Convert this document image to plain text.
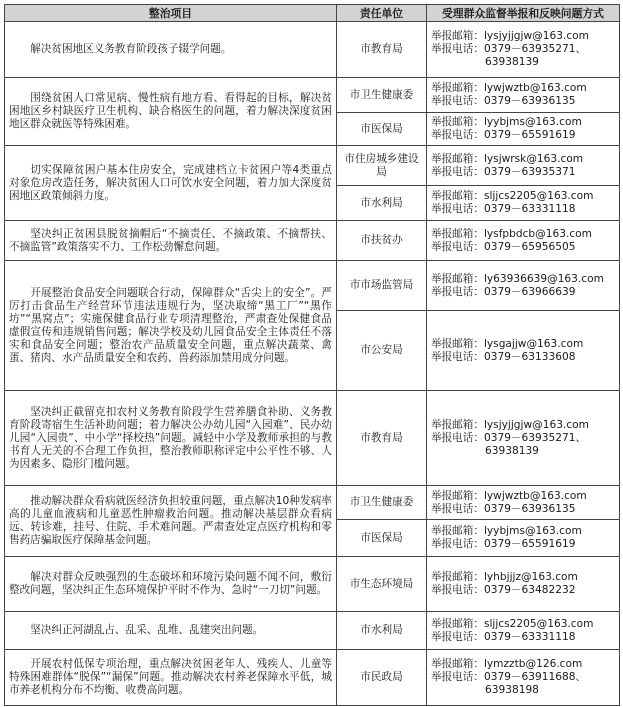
整治项目	责任单位	受理群众监督举报和反映问题方式

解决贫困地区义务教育阶段孩子辍学问题。	市教育局	举报邮箱：lysjyjjgjw@163.com
举报电话：0379－63935271、
63938139

围绕贫困人口常见病、慢性病有地方看、看得起的目标，解决贫困地区乡村缺医疗卫生机构、缺合格医生的问题，着力解决深度贫困地区群众就医等特殊困难。	市卫生健康委	举报邮箱：lywjwztb@163.com
举报电话：0379－63936135

	市医保局	举报邮箱：lyybjms@163.com
举报电话：0379－65591619

切实保障贫困户基本住房安全，完成建档立卡贫困户等4类重点对象危房改造任务，解决贫困人口可饮水安全问题，着力加大深度贫困地区政策倾斜力度。	市住房城乡建设局	举报邮箱：lysjwrsk@163.com
举报电话：0379－63935371

	市水利局	举报邮箱：sljjcs2205@163.com
举报电话：0379－63331118

坚决纠正贫困县脱贫摘帽后“不摘责任、不摘政策、不摘帮扶、不摘监管”政策落实不力、工作松劲懈怠问题。	市扶贫办	举报邮箱：lysfpbdcb@163.com
举报电话：0379－65956505

开展整治食品安全问题联合行动，保障群众“舌尖上的安全”。严厉打击食品生产经营环节违法违规行为，坚决取缔“黑工厂”“黑作坊”“黑窝点”；实施保健食品行业专项清理整治，严肃查处保健食品虚假宣传和违规销售问题；解决学校及幼儿园食品安全主体责任不落实和食品安全问题；整治农产品质量安全问题，重点解决蔬菜、禽蛋、猪肉、水产品质量安全和农药、兽药添加禁用成分问题。	市市场监管局	举报邮箱：ly63936639@163.com
举报电话：0379－63966639

	市公安局	举报邮箱：lysgajjw@163.com
举报电话：0379－63133608

坚决纠正截留克扣农村义务教育阶段学生营养膳食补助、义务教育阶段寄宿生生活补助问题；着力解决公办幼儿园“入园难”、民办幼儿园“入园贵”、中小学“择校热”问题。减轻中小学及教师承担的与教书育人无关的不合理工作负担，整治教师职称评定中公平性不够、人为因素多、隐形门槛问题。	市教育局	举报邮箱：lysjyjjgjw@163.com
举报电话：0379－63935271、
63938139

推动解决群众看病就医经济负担较重问题，重点解决10种发病率高的儿童血液病和儿童恶性肿瘤救治问题。推动解决基层群众看病远、转诊难，挂号、住院、手术难问题。严肃查处定点医疗机构和零售药店骗取医疗保障基金问题。	市卫生健康委	举报邮箱：lywjwztb@163.com
举报电话：0379－63936135

	市医保局	举报邮箱：lyybjms@163.com
举报电话：0379－65591619

解决对群众反映强烈的生态破坏和环境污染问题不闻不问，敷衍整改问题，坚决纠正生态环境保护平时不作为、急时“一刀切”问题。	市生态环境局	举报邮箱：lyhbjjjz@163.com
举报电话：0379－63482232

坚决纠正河湖乱占、乱采、乱堆、乱建突出问题。	市水利局	举报邮箱：sljjcs2205@163.com
举报电话：0379－63331118

开展农村低保专项治理，重点解决贫困老年人、残疾人、儿童等特殊困难群体“脱保”“漏保”问题。推动解决农村养老保障水平低，城市养老机构分布不均衡、收费高问题。	市民政局	举报邮箱：lymzztb@126.com
举报电话：0379－63911688、
63938198
